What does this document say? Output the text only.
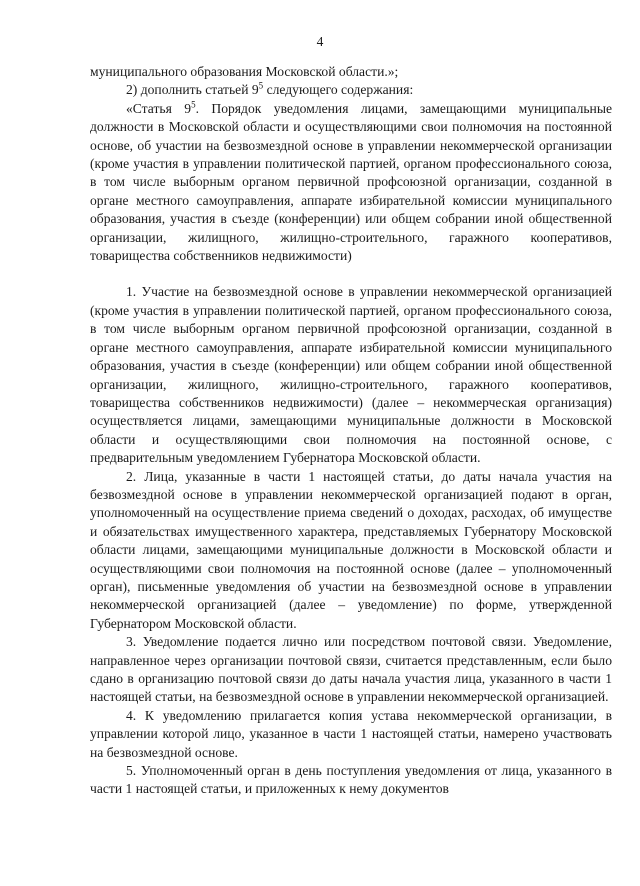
4

муниципального образования Московской области.»;

2) дополнить статьей $9^5$ следующего содержания:

«Статья $9^5$. Порядок уведомления лицами, замещающими муниципальные должности в Московской области и осуществляющими свои полномочия на постоянной основе, об участии на безвозмездной основе в управлении некоммерческой организации (кроме участия в управлении политической партией, органом профессионального союза, в том числе выборным органом первичной профсоюзной организации, созданной в органе местного самоуправления, аппарате избирательной комиссии муниципального образования, участия в съезде (конференции) или общем собрании иной общественной организации, жилищного, жилищно-строительного, гаражного кооперативов, товарищества собственников недвижимости)

1. Участие на безвозмездной основе в управлении некоммерческой организацией (кроме участия в управлении политической партией, органом профессионального союза, в том числе выборным органом первичной профсоюзной организации, созданной в органе местного самоуправления, аппарате избирательной комиссии муниципального образования, участия в съезде (конференции) или общем собрании иной общественной организации, жилищного, жилищно-строительного, гаражного кооперативов, товарищества собственников недвижимости) (далее – некоммерческая организация) осуществляется лицами, замещающими муниципальные должности в Московской области и осуществляющими свои полномочия на постоянной основе, с предварительным уведомлением Губернатора Московской области.

2. Лица, указанные в части 1 настоящей статьи, до даты начала участия на безвозмездной основе в управлении некоммерческой организацией подают в орган, уполномоченный на осуществление приема сведений о доходах, расходах, об имуществе и обязательствах имущественного характера, представляемых Губернатору Московской области лицами, замещающими муниципальные должности в Московской области и осуществляющими свои полномочия на постоянной основе (далее – уполномоченный орган), письменные уведомления об участии на безвозмездной основе в управлении некоммерческой организацией (далее – уведомление) по форме, утвержденной Губернатором Московской области.

3. Уведомление подается лично или посредством почтовой связи. Уведомление, направленное через организации почтовой связи, считается представленным, если было сдано в организацию почтовой связи до даты начала участия лица, указанного в части 1 настоящей статьи, на безвозмездной основе в управлении некоммерческой организацией.

4. К уведомлению прилагается копия устава некоммерческой организации, в управлении которой лицо, указанное в части 1 настоящей статьи, намерено участвовать на безвозмездной основе.

5. Уполномоченный орган в день поступления уведомления от лица, указанного в части 1 настоящей статьи, и приложенных к нему документов
